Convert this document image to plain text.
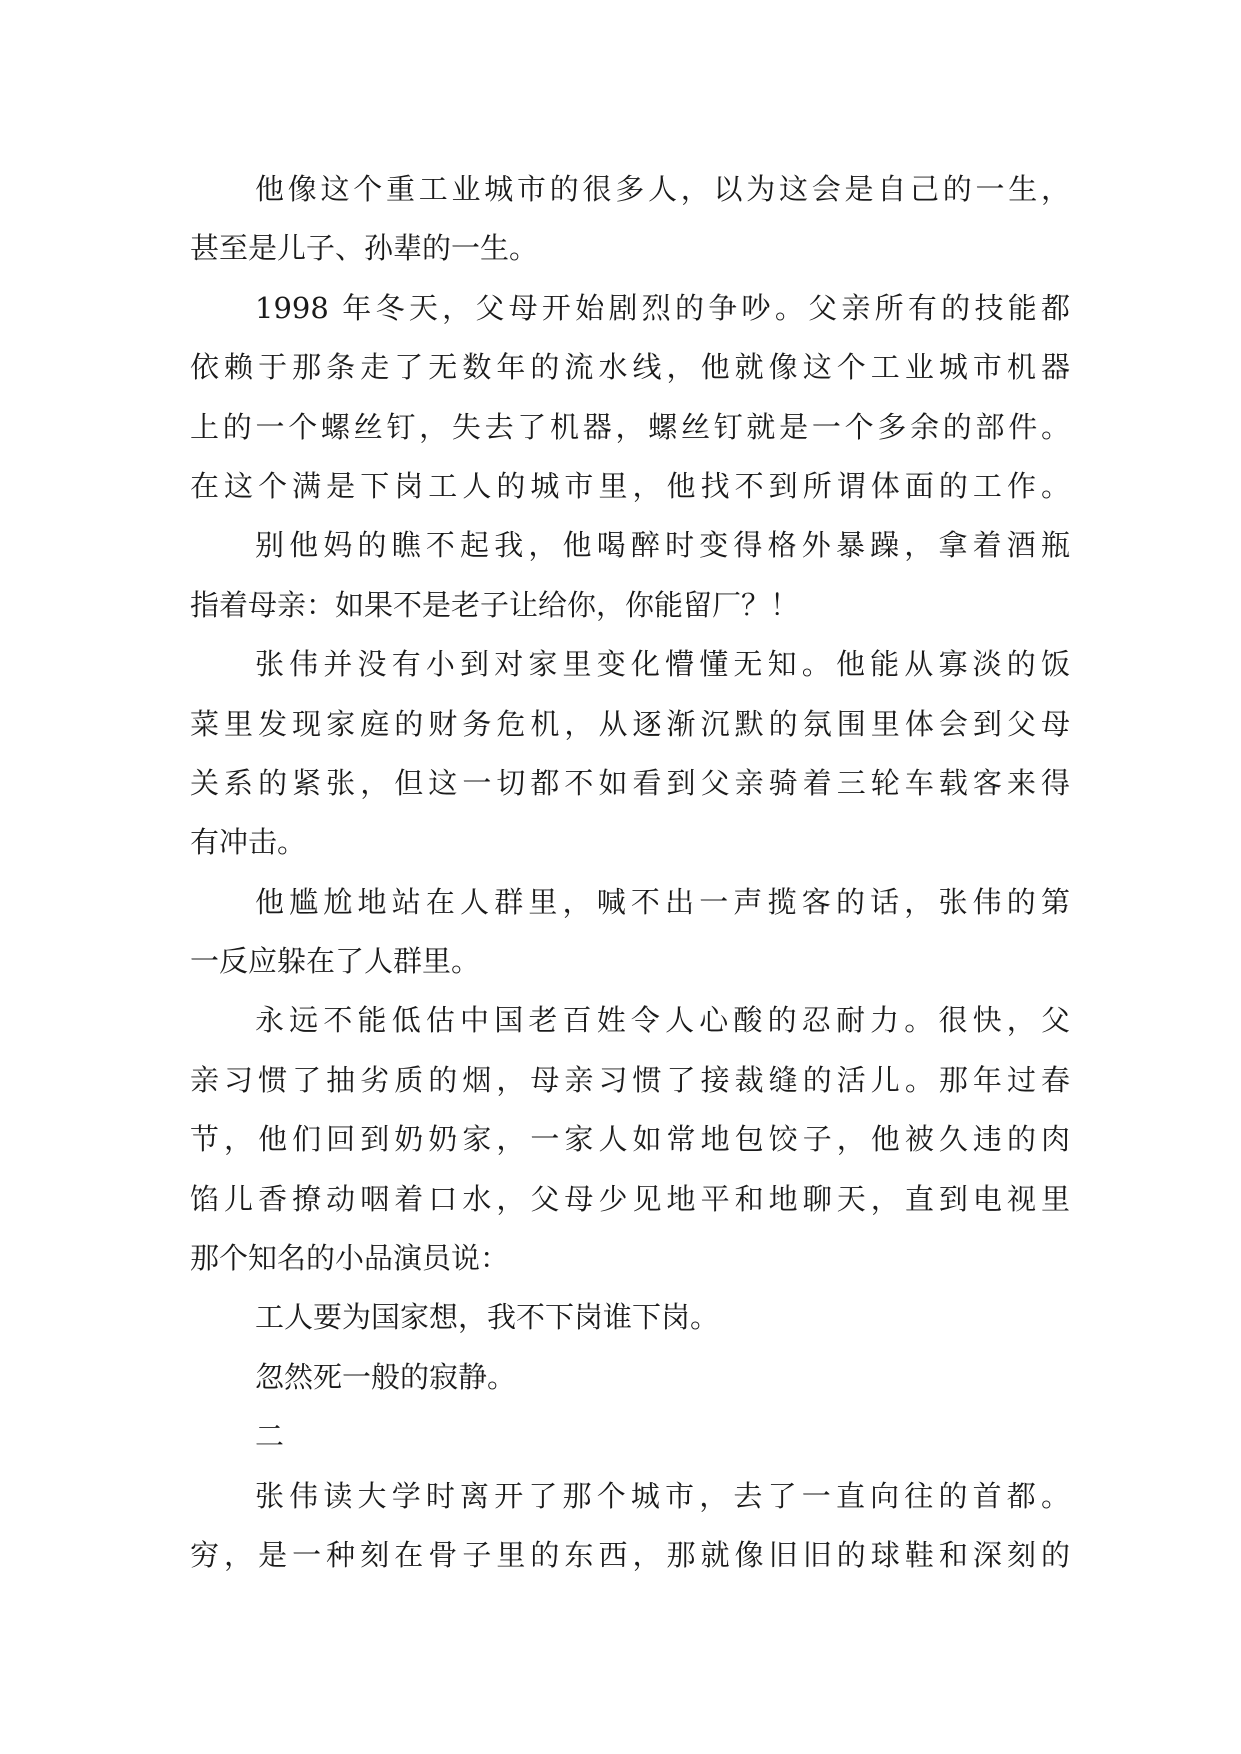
他像这个重工业城市的很多人，以为这会是自己的一生，
甚至是儿子、孙辈的一生。
1998 年冬天，父母开始剧烈的争吵。父亲所有的技能都
依赖于那条走了无数年的流水线，他就像这个工业城市机器
上的一个螺丝钉，失去了机器，螺丝钉就是一个多余的部件。
在这个满是下岗工人的城市里，他找不到所谓体面的工作。
别他妈的瞧不起我，他喝醉时变得格外暴躁，拿着酒瓶
指着母亲：如果不是老子让给你，你能留厂？！
张伟并没有小到对家里变化懵懂无知。他能从寡淡的饭
菜里发现家庭的财务危机，从逐渐沉默的氛围里体会到父母
关系的紧张，但这一切都不如看到父亲骑着三轮车载客来得
有冲击。
他尴尬地站在人群里，喊不出一声揽客的话，张伟的第
一反应躲在了人群里。
永远不能低估中国老百姓令人心酸的忍耐力。很快，父
亲习惯了抽劣质的烟，母亲习惯了接裁缝的活儿。那年过春
节，他们回到奶奶家，一家人如常地包饺子，他被久违的肉
馅儿香撩动咽着口水，父母少见地平和地聊天，直到电视里
那个知名的小品演员说：
工人要为国家想，我不下岗谁下岗。
忽然死一般的寂静。
二
张伟读大学时离开了那个城市，去了一直向往的首都。
穷，是一种刻在骨子里的东西，那就像旧旧的球鞋和深刻的
